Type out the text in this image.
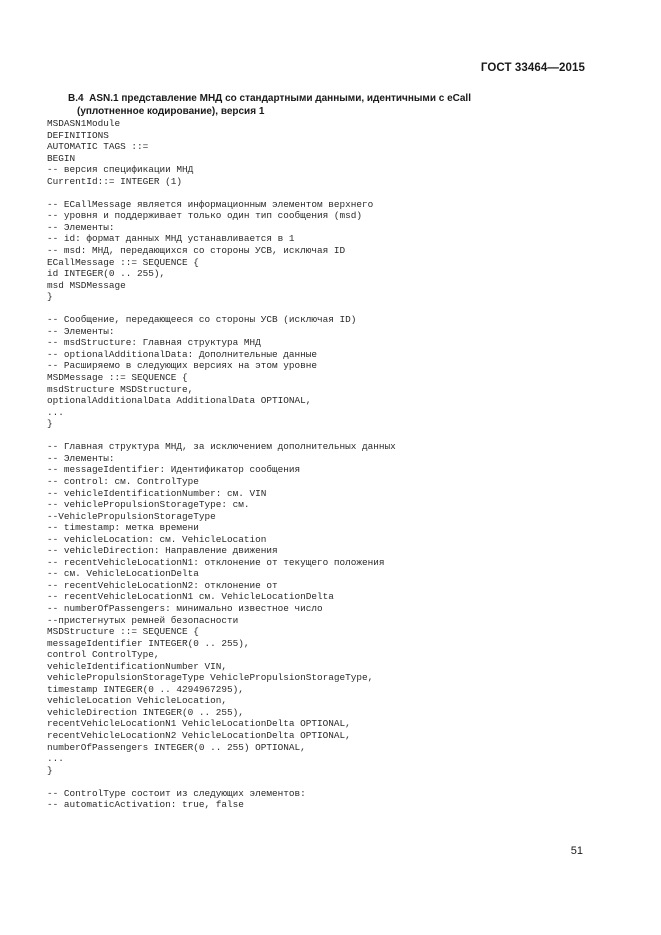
ГОСТ 33464—2015
В.4  ASN.1 представление МНД со стандартными данными, идентичными с eCall
(уплотненное кодирование), версия 1
MSDASN1Module
DEFINITIONS
AUTOMATIC TAGS ::=
BEGIN
-- версия спецификации МНД
CurrentId::= INTEGER (1)
-- ECallMessage является информационным элементом верхнего
-- уровня и поддерживает только один тип сообщения (msd)
-- Элементы:
-- id: формат данных МНД устанавливается в 1
-- msd: МНД, передающихся со стороны УСВ, исключая ID
ECallMessage ::= SEQUENCE {
id INTEGER(0 .. 255),
msd MSDMessage
}
-- Сообщение, передающееся со стороны УСВ (исключая ID)
-- Элементы:
-- msdStructure: Главная структура МНД
-- optionalAdditionalData: Дополнительные данные
-- Расширяемо в следующих версиях на этом уровне
MSDMessage ::= SEQUENCE {
msdStructure MSDStructure,
optionalAdditionalData AdditionalData OPTIONAL,
...
}
-- Главная структура МНД, за исключением дополнительных данных
-- Элементы:
-- messageIdentifier: Идентификатор сообщения
-- control: см. ControlType
-- vehicleIdentificationNumber: см. VIN
-- vehiclePropulsionStorageType: см.
--VehiclePropulsionStorageType
-- timestamp: метка времени
-- vehicleLocation: см. VehicleLocation
-- vehicleDirection: Направление движения
-- recentVehicleLocationN1: отклонение от текущего положения
-- см. VehicleLocationDelta
-- recentVehicleLocationN2: отклонение от
-- recentVehicleLocationN1 см. VehicleLocationDelta
-- numberOfPassengers: минимально известное число
--пристегнутых ремней безопасности
MSDStructure ::= SEQUENCE {
messageIdentifier INTEGER(0 .. 255),
control ControlType,
vehicleIdentificationNumber VIN,
vehiclePropulsionStorageType VehiclePropulsionStorageType,
timestamp INTEGER(0 .. 4294967295),
vehicleLocation VehicleLocation,
vehicleDirection INTEGER(0 .. 255),
recentVehicleLocationN1 VehicleLocationDelta OPTIONAL,
recentVehicleLocationN2 VehicleLocationDelta OPTIONAL,
numberOfPassengers INTEGER(0 .. 255) OPTIONAL,
...
}
-- ControlType состоит из следующих элементов:
-- automaticActivation: true, false
51
